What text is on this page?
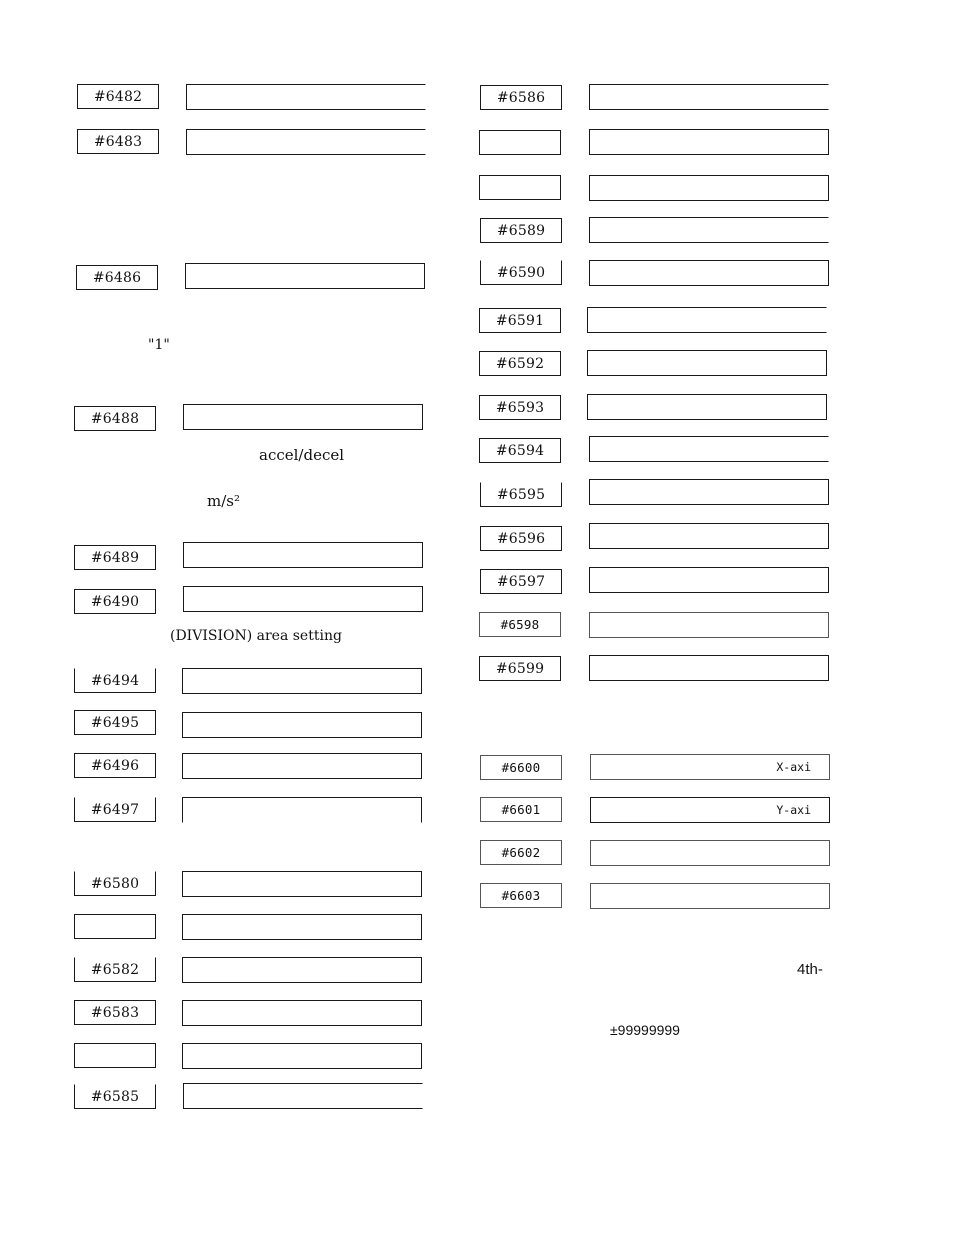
#6482
#6483
#6486
"1"
#6488
accel/decel
m/s²
#6489
#6490
(DIVISION) area setting
#6494
#6495
#6496
#6497
#6580
#6582
#6583
#6585
#6586
#6589
#6590
#6591
#6592
#6593
#6594
#6595
#6596
#6597
#6598
#6599
#6600	X-axi
#6601	Y-axi
#6602
#6603
4th-
±99999999
